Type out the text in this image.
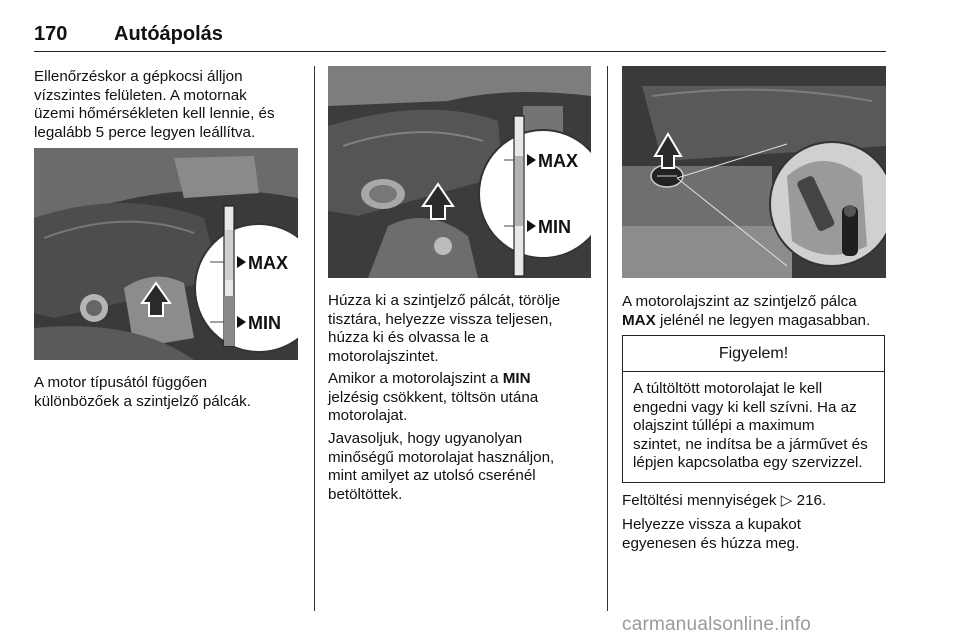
170 Autóápolás
Ellenőrzéskor a gépkocsi álljon
vízszintes felületen. A motornak
üzemi hőmérsékleten kell lennie, és
legalább 5 perce legyen leállítva.
MAX
MIN
A motor típusától függően
különbözőek a szintjelző pálcák.
MAX
MIN
Húzza ki a szintjelző pálcát, törölje
tisztára, helyezze vissza teljesen,
húzza ki és olvassa le a
motorolajszintet.
Amikor a motorolajszint a MIN
jelzésig csökkent, töltsön utána
motorolajat.
Javasoljuk, hogy ugyanolyan
minőségű motorolajat használjon,
mint amilyet az utolsó cserénél
betöltöttek.
A motorolajszint az szintjelző pálca
MAX jelénél ne legyen magasabban.
Figyelem!
A túltöltött motorolajat le kell
engedni vagy ki kell szívni. Ha az
olajszint túllépi a maximum
szintet, ne indítsa be a járművet és
lépjen kapcsolatba egy szervizzel.
Feltöltési mennyiségek ▷ 216.
Helyezze vissza a kupakot
egyenesen és húzza meg.
carmanualsonline.info
